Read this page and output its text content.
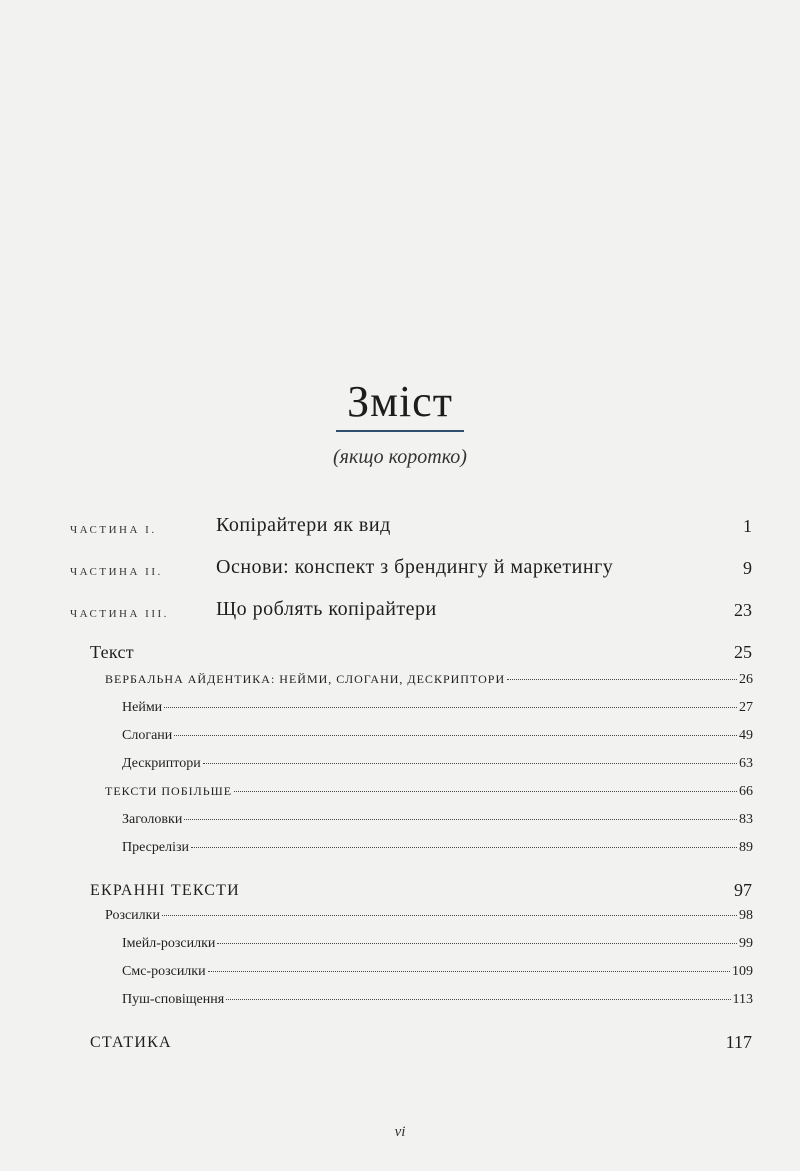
Зміст
(якщо коротко)
ЧАСТИНА І.	Копірайтери як вид	1
ЧАСТИНА ІІ.	Основи: конспект з брендингу й маркетингу	9
ЧАСТИНА ІІІ. Що роблять копірайтери	23
Текст	25
ВЕРБАЛЬНА АЙДЕНТИКА: НЕЙМИ, СЛОГАНИ, ДЕСКРИПТОРИ	26
Нейми	27
Слогани	49
Дескриптори	63
ТЕКСТИ ПОБІЛЬШЕ	66
Заголовки	83
Пресрелізи	89
ЕКРАННІ ТЕКСТИ	97
Розсилки	98
Імейл-розсилки	99
Смс-розсилки	109
Пуш-сповіщення	113
СТАТИКА	117
vi
